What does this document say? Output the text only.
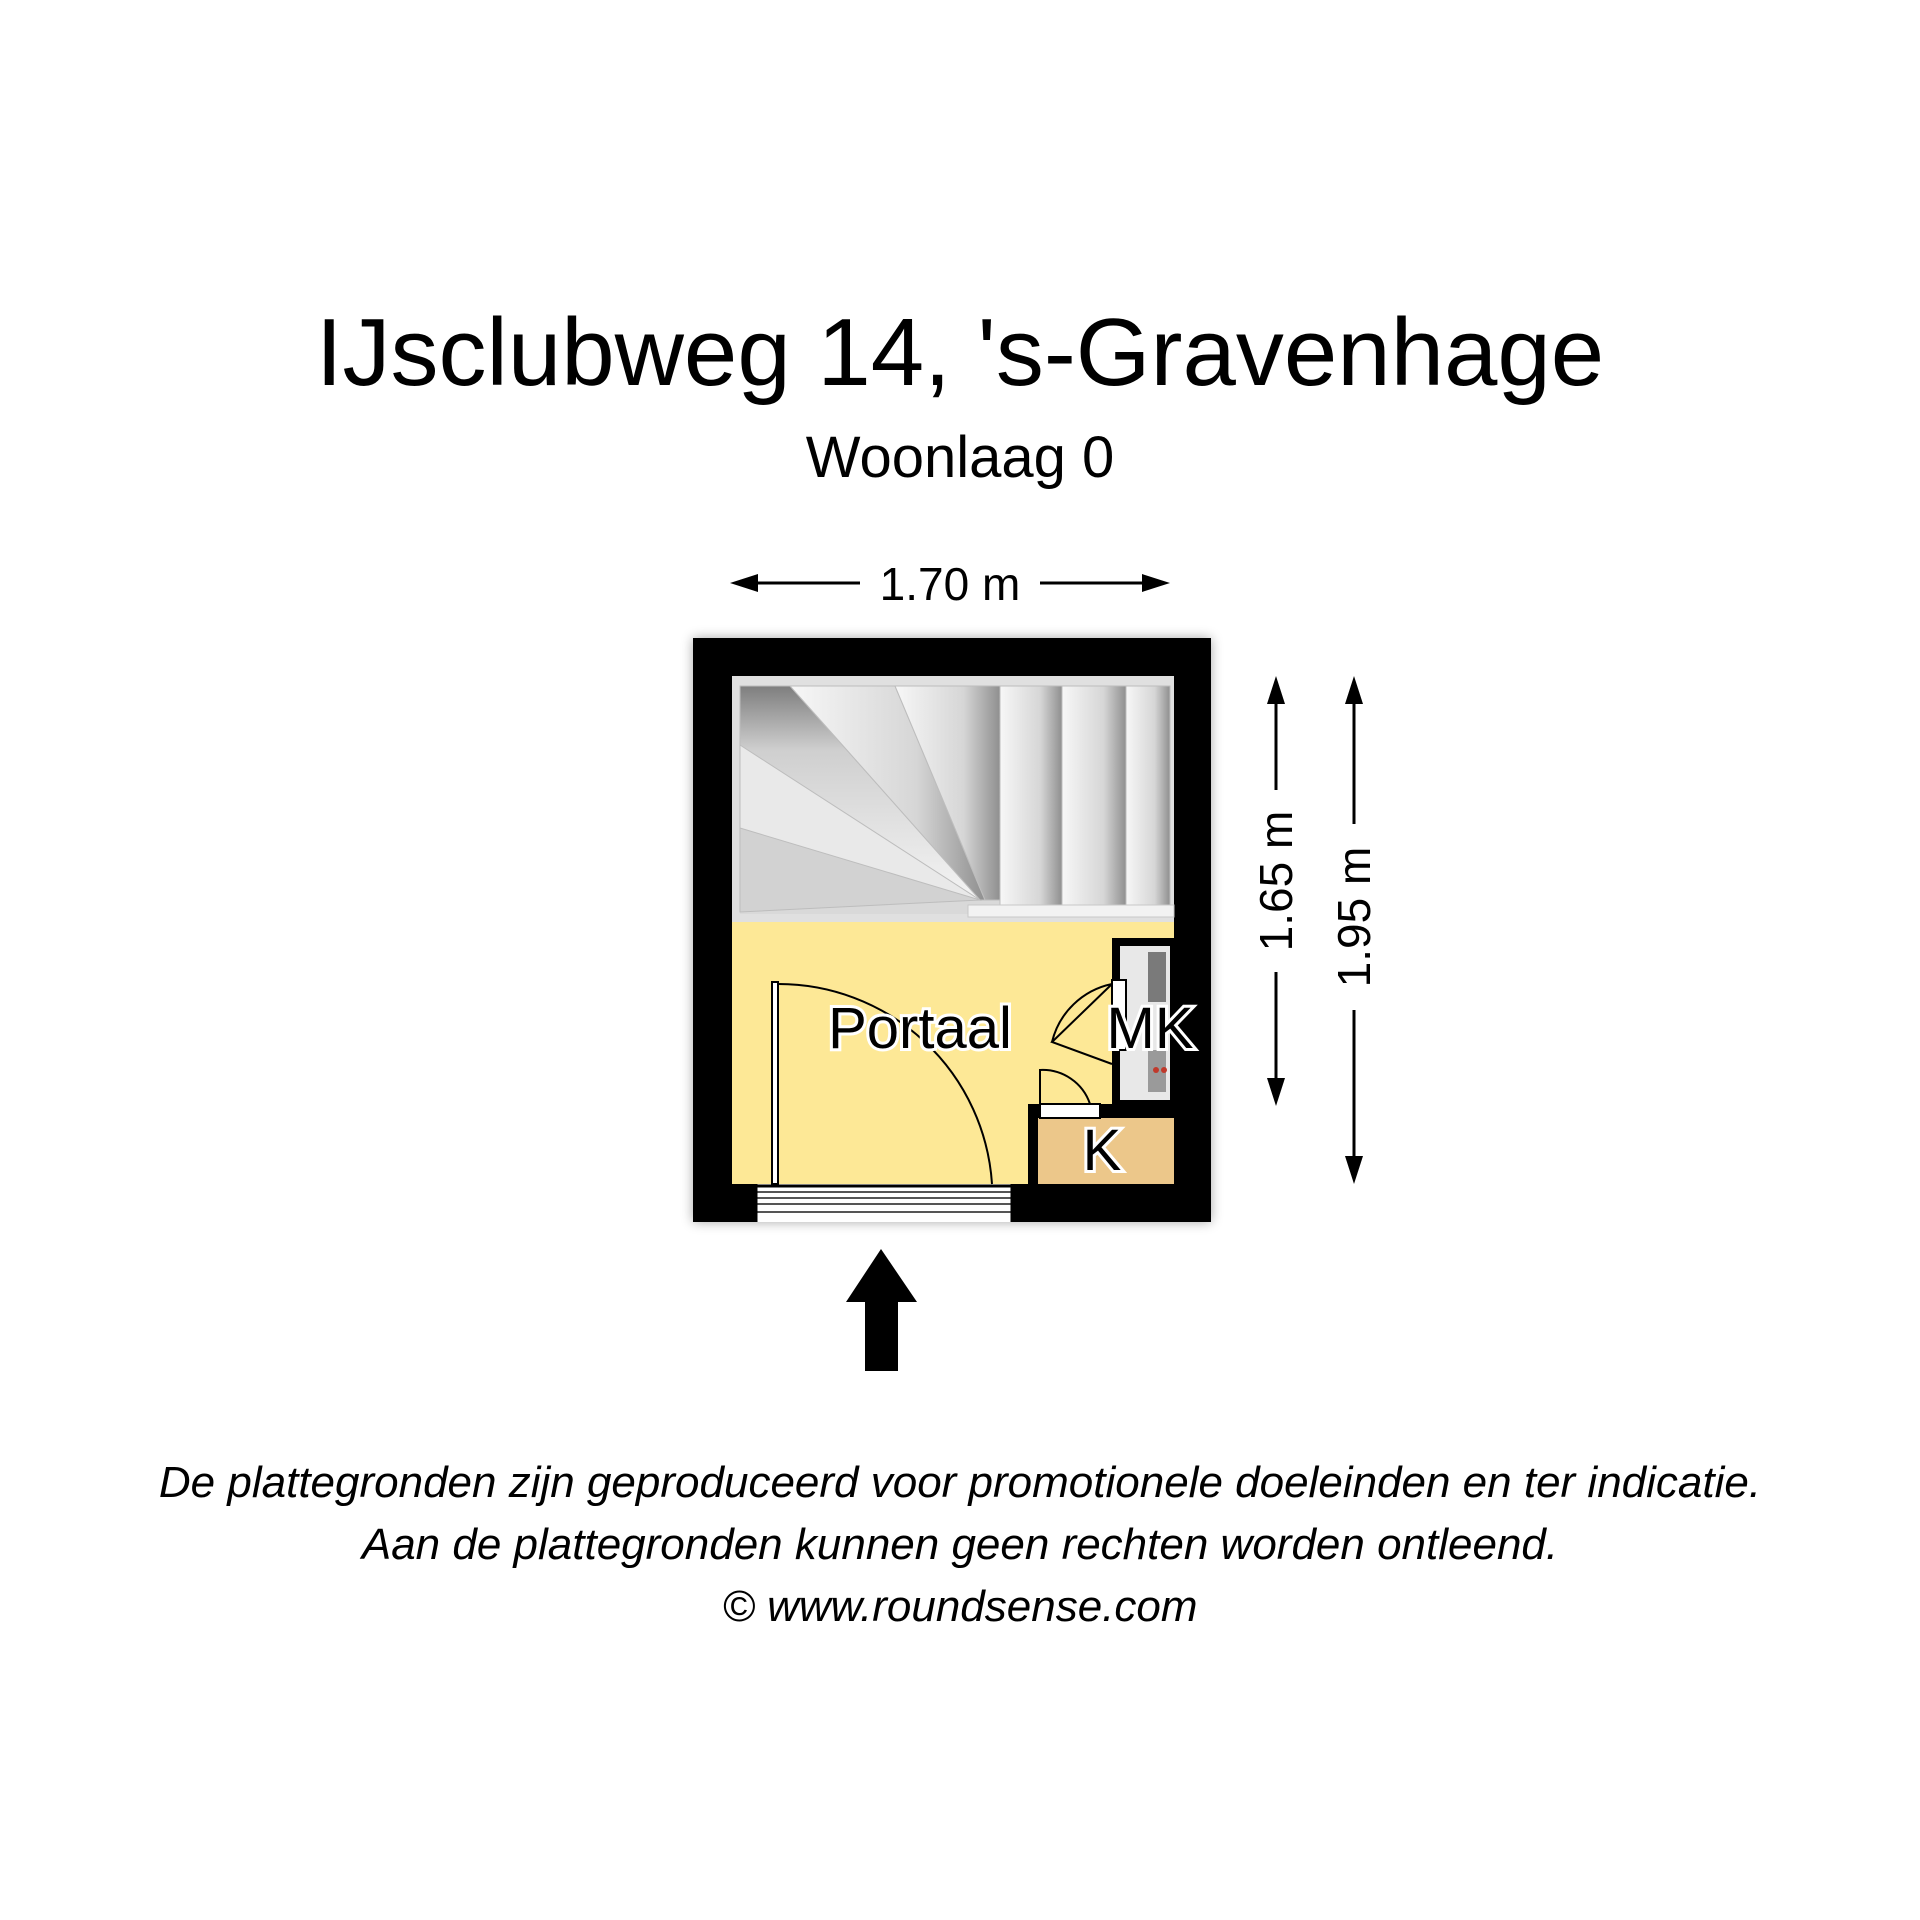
IJsclubweg 14, 's-Gravenhage
Woonlaag 0
Portaal MK
K
1.70 m
1.65 m 1.95 m
De plattegronden zijn geproduceerd voor promotionele doeleinden en ter indicatie.
Aan de plattegronden kunnen geen rechten worden ontleend.
© www.roundsense.com
